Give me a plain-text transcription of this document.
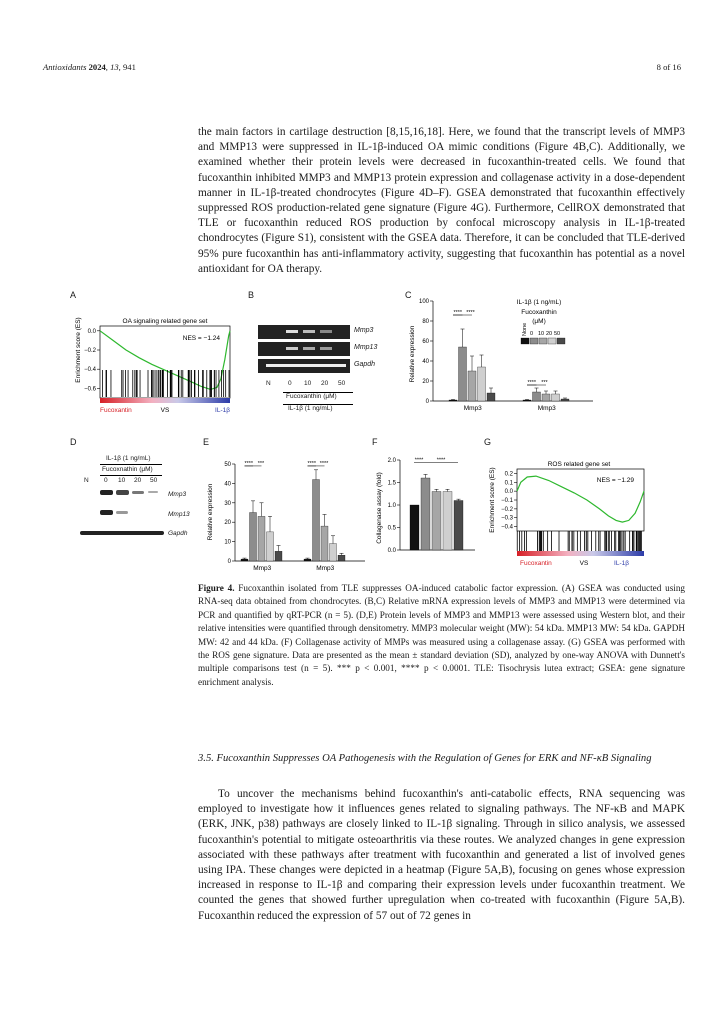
Antioxidants 2024, 13, 941	8 of 16

the main factors in cartilage destruction [8,15,16,18]. Here, we found that the transcript levels of MMP3 and MMP13 were suppressed in IL-1β-induced OA mimic conditions (Figure 4B,C). Additionally, we examined whether their protein levels were decreased in fucoxanthin-treated cells. We found that fucoxanthin inhibited MMP3 and MMP13 protein expression and collagenase activity in a dose-dependent manner in IL-1β-treated chondrocytes (Figure 4D–F). GSEA demonstrated that fucoxanthin effectively suppressed ROS production-related gene signature (Figure 4G). Furthermore, CellROX demonstrated that TLE or fucoxanthin reduced ROS production by confocal microscopy analysis in IL-1β-treated chondrocytes (Figure S1), consistent with the GSEA data. Therefore, it can be concluded that TLE-derived 95% pure fucoxanthin has anti-inflammatory activity, suggesting that fucoxanthin has potential as a novel antioxidant for OA therapy.

A	B	C
D	E	F	G
OA signaling related gene set
Enrichment score (ES) 0.0
−0.2
−0.4
−0.6
NES = −1.24
Fucoxantin	VS	IL-1β
Mmp3
Mmp13
Gapdh
N	0 10 20 50
Fucoxanthin (μM)
IL-1β (1 ng/mL)
Relative expression
0
20
40
60
80
100
Mmp3
**** ****
Mmp3
**** ***
IL-1β (1 ng/mL)
Fucoxanthin
(μM)
None 0 10 20 50
IL-1β (1 ng/mL)
Fucoxnathin (μM)
N 0 10 20 50
Mmp3
Mmp13
Gapdh	Relative expression
0
10
20
30
40
50
Mmp3
**** ***
Mmp3
**** ****
Collagenase assay (fold)
0.0
0.5
1.0
1.5
2.0	**** ****
ROS related gene set
Enrichment score (ES) 0.2
0.1
0.0
−0.1
−0.2
−0.3
−0.4
NES = −1.29
Fucoxantin	VS	IL-1β
Figure 4. Fucoxanthin isolated from TLE suppresses OA-induced catabolic factor expression. (A) GSEA was conducted using RNA-seq data obtained from chondrocytes. (B,C) Relative mRNA expression levels of MMP3 and MMP13 were determined via PCR and quantified by qRT-PCR (n = 5). (D,E) Protein levels of MMP3 and MMP13 were assessed using Western blot, and their relative intensities were quantified through densitometry. MMP3 molecular weight (MW): 54 kDa. MMP13 MW: 54 kDa. GAPDH MW: 42 and 44 kDa. (F) Collagenase activity of MMPs was measured using a collagenase assay. (G) GSEA was performed with the ROS gene signature. Data are presented as the mean ± standard deviation (SD), analyzed by one-way ANOVA with Dunnett's multiple comparisons test (n = 5). *** p < 0.001, **** p < 0.0001. TLE: Tisochrysis lutea extract; GSEA: gene signature enrichment analysis.
3.5. Fucoxanthin Suppresses OA Pathogenesis with the Regulation of Genes for ERK and NF-κB Signaling

To uncover the mechanisms behind fucoxanthin's anti-catabolic effects, RNA sequencing was employed to investigate how it influences genes related to signaling pathways. The NF-κB and MAPK (ERK, JNK, p38) pathways are closely linked to IL-1β signaling. Through in silico analysis, we assessed fucoxanthin's potential to mitigate osteoarthritis via these routes. We analyzed changes in gene expression associated with these pathways after treatment with fucoxanthin and generated a list of involved genes using IPA. These changes were depicted in a heatmap (Figure 5A,B), focusing on genes whose expression increased in response to IL-1β and comparing their expression levels under fucoxanthin treatment. We counted the genes that showed further upregulation when co-treated with fucoxanthin (Figure 5A,B). Fucoxanthin reduced the expression of 57 out of 72 genes in
